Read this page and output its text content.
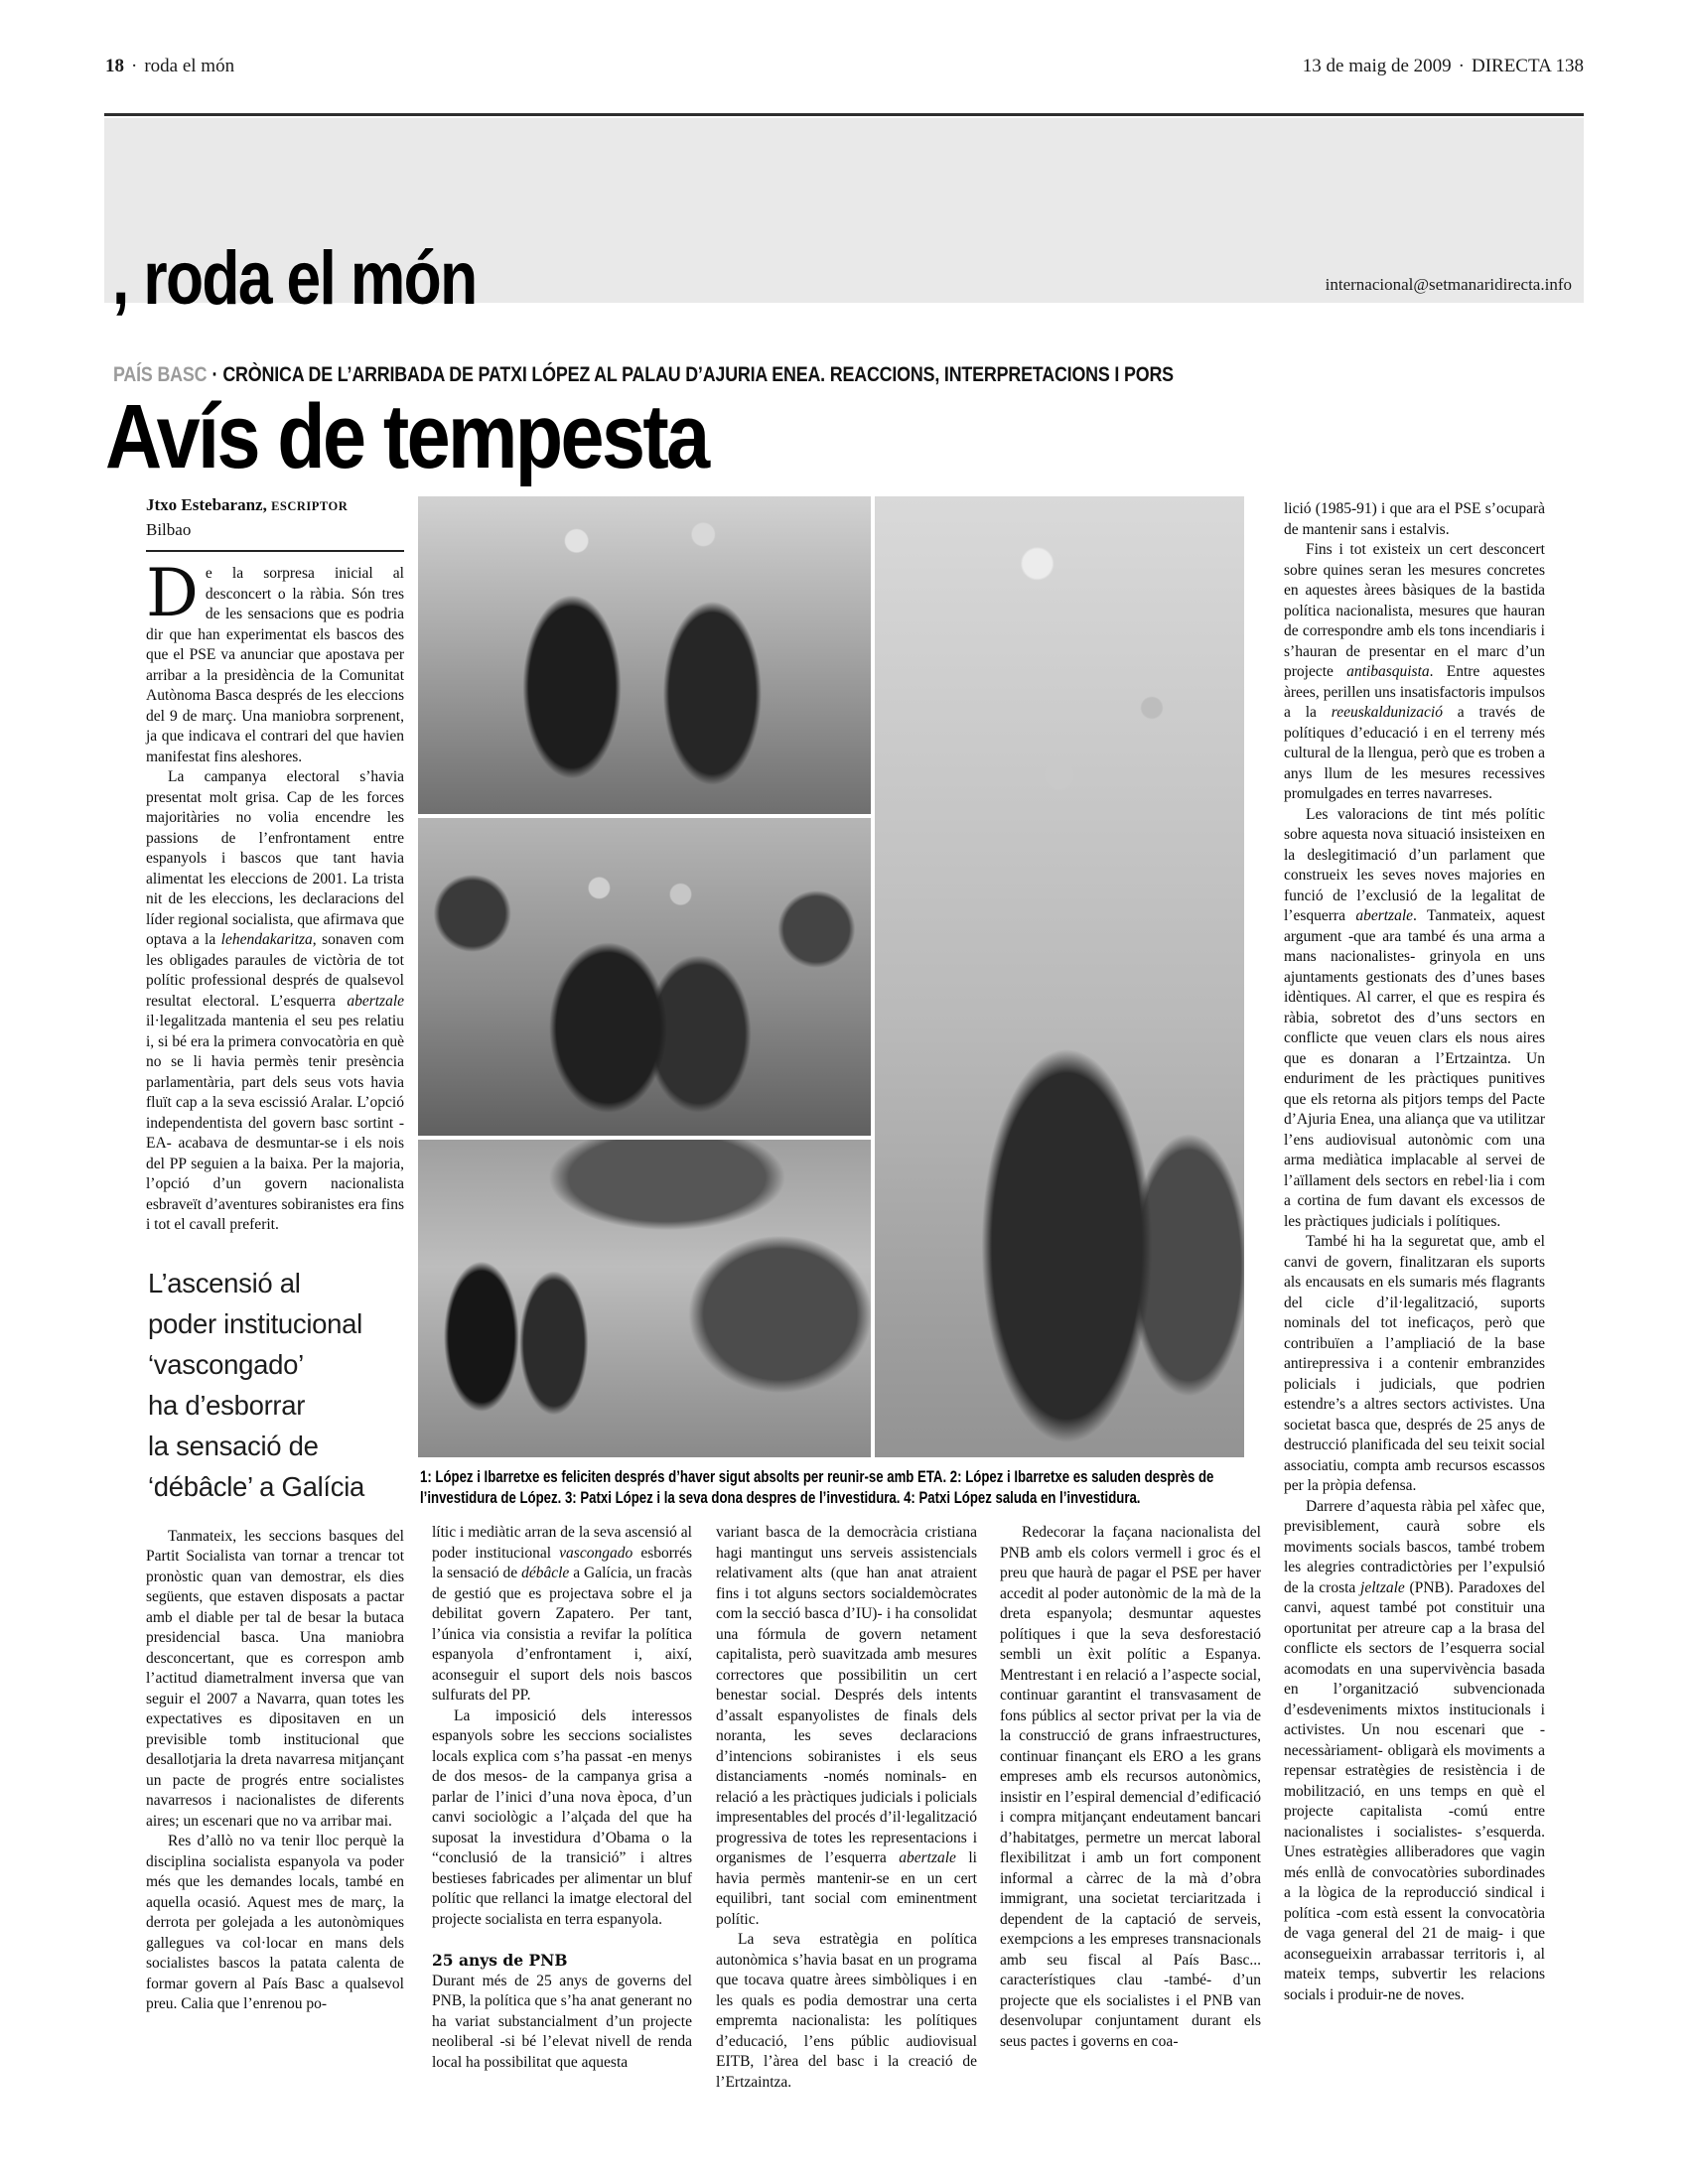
18 · roda el món	13 de maig de 2009 · DIRECTA 138
, roda el món	internacional@setmanaridirecta.info
PAÍS BASC · CRÒNICA DE L’ARRIBADA DE PATXI LÓPEZ AL PALAU D’AJURIA ENEA. REACCIONS, INTERPRETACIONS I PORS
Avís de tempesta
Jtxo Estebaranz, ESCRIPTOR
Bilbao

De la sorpresa inicial al desconcert o la ràbia. Són tres de les sensacions que es podria dir que han experimentat els bascos des que el PSE va anunciar que apostava per arribar a la presidència de la Comunitat Autònoma Basca després de les eleccions del 9 de març. Una maniobra sorprenent, ja que indicava el contrari del que havien manifestat fins aleshores.

La campanya electoral s’havia presentat molt grisa. Cap de les forces majoritàries no volia encendre les passions de l’enfrontament entre espanyols i bascos que tant havia alimentat les eleccions de 2001. La trista nit de les eleccions, les declaracions del líder regional socialista, que afirmava que optava a la lehendakaritza, sonaven com les obligades paraules de victòria de tot polític professional després de qualsevol resultat electoral. L’esquerra abertzale il·legalitzada mantenia el seu pes relatiu i, si bé era la primera convocatòria en què no se li havia permès tenir presència parlamentària, part dels seus vots havia fluït cap a la seva escissió Aralar. L’opció independentista del govern basc sortint -EA- acabava de desmuntar-se i els nois del PP seguien a la baixa. Per la majoria, l’opció d’un govern nacionalista esbraveït d’aventures sobiranistes era fins i tot el cavall preferit.

L’ascensió al
poder institucional
‘vascongado’
ha d’esborrar
la sensació de
‘débâcle’ a Galícia

Tanmateix, les seccions basques del Partit Socialista van tornar a trencar tot pronòstic quan van demostrar, els dies següents, que estaven disposats a pactar amb el diable per tal de besar la butaca presidencial basca. Una maniobra desconcertant, que es correspon amb l’actitud diametralment inversa que van seguir el 2007 a Navarra, quan totes les expectatives es dipositaven en un previsible tomb institucional que desallotjaria la dreta navarresa mitjançant un pacte de progrés entre socialistes navarresos i nacionalistes de diferents aires; un escenari que no va arribar mai.

Res d’allò no va tenir lloc perquè la disciplina socialista espanyola va poder més que les demandes locals, també en aquella ocasió. Aquest mes de març, la derrota per golejada a les autonòmiques gallegues va col·locar en mans dels socialistes bascos la patata calenta de formar govern al País Basc a qualsevol preu. Calia que l’enrenou po-

1: López i Ibarretxe es feliciten després d’haver sigut absolts per reunir-se amb ETA. 2: López i Ibarretxe es saluden desprès de l’investidura de López. 3: Patxi López i la seva dona despres de l’investidura. 4: Patxi López saluda en l’investidura.

lític i mediàtic arran de la seva ascensió al poder institucional vascongado esborrés la sensació de débâcle a Galícia, un fracàs de gestió que es projectava sobre el ja debilitat govern Zapatero. Per tant, l’única via consistia a revifar la política espanyola d’enfrontament i, així, aconseguir el suport dels nois bascos sulfurats del PP.

La imposició dels interessos espanyols sobre les seccions socialistes locals explica com s’ha passat -en menys de dos mesos- de la campanya grisa a parlar de l’inici d’una nova època, d’un canvi sociològic a l’alçada del que ha suposat la investidura d’Obama o la “conclusió de la transició” i altres bestieses fabricades per alimentar un bluf polític que rellanci la imatge electoral del projecte socialista en terra espanyola.

25 anys de PNB

Durant més de 25 anys de governs del PNB, la política que s’ha anat generant no ha variat substancialment d’un projecte neoliberal -si bé l’elevat nivell de renda local ha possibilitat que aquesta

variant basca de la democràcia cristiana hagi mantingut uns serveis assistencials relativament alts (que han anat atraient fins i tot alguns sectors socialdemòcrates com la secció basca d’IU)- i ha consolidat una fórmula de govern netament capitalista, però suavitzada amb mesures correctores que possibilitin un cert benestar social. Després dels intents d’assalt espanyolistes de finals dels noranta, les seves declaracions d’intencions sobiranistes i els seus distanciaments -només nominals- en relació a les pràctiques judicials i policials impresentables del procés d’il·legalització progressiva de totes les representacions i organismes de l’esquerra abertzale li havia permès mantenir-se en un cert equilibri, tant social com eminentment polític.

La seva estratègia en política autonòmica s’havia basat en un programa que tocava quatre àrees simbòliques i en les quals es podia demostrar una certa empremta nacionalista: les polítiques d’educació, l’ens públic audiovisual EITB, l’àrea del basc i la creació de l’Ertzaintza.

Redecorar la façana nacionalista del PNB amb els colors vermell i groc és el preu que haurà de pagar el PSE per haver accedit al poder autonòmic de la mà de la dreta espanyola; desmuntar aquestes polítiques i que la seva desforestació sembli un èxit polític a Espanya. Mentrestant i en relació a l’aspecte social, continuar garantint el transvasament de fons públics al sector privat per la via de la construcció de grans infraestructures, continuar finançant els ERO a les grans empreses amb els recursos autonòmics, insistir en l’espiral demencial d’edificació i compra mitjançant endeutament bancari d’habitatges, permetre un mercat laboral flexibilitzat i amb un fort component informal a càrrec de la mà d’obra immigrant, una societat terciaritzada i dependent de la captació de serveis, exempcions a les empreses transnacionals amb seu fiscal al País Basc... característiques clau -també- d’un projecte que els socialistes i el PNB van desenvolupar conjuntament durant els seus pactes i governs en coa-

lició (1985-91) i que ara el PSE s’ocuparà de mantenir sans i estalvis.

Fins i tot existeix un cert desconcert sobre quines seran les mesures concretes en aquestes àrees bàsiques de la bastida política nacionalista, mesures que hauran de correspondre amb els tons incendiaris i s’hauran de presentar en el marc d’un projecte antibasquista. Entre aquestes àrees, perillen uns insatisfactoris impulsos a la reeuskaldunizació a través de polítiques d’educació i en el terreny més cultural de la llengua, però que es troben a anys llum de les mesures recessives promulgades en terres navarreses.

Les valoracions de tint més polític sobre aquesta nova situació insisteixen en la deslegitimació d’un parlament que construeix les seves noves majories en funció de l’exclusió de la legalitat de l’esquerra abertzale. Tanmateix, aquest argument -que ara també és una arma a mans nacionalistes- grinyola en uns ajuntaments gestionats des d’unes bases idèntiques. Al carrer, el que es respira és ràbia, sobretot des d’uns sectors en conflicte que veuen clars els nous aires que es donaran a l’Ertzaintza. Un enduriment de les pràctiques punitives que els retorna als pitjors temps del Pacte d’Ajuria Enea, una aliança que va utilitzar l’ens audiovisual autonòmic com una arma mediàtica implacable al servei de l’aïllament dels sectors en rebel·lia i com a cortina de fum davant els excessos de les pràctiques judicials i polítiques.

També hi ha la seguretat que, amb el canvi de govern, finalitzaran els suports als encausats en els sumaris més flagrants del cicle d’il·legalització, suports nominals del tot ineficaços, però que contribuïen a l’ampliació de la base antirepressiva i a contenir embranzides policials i judicials, que podrien estendre’s a altres sectors activistes. Una societat basca que, després de 25 anys de destrucció planificada del seu teixit social associatiu, compta amb recursos escassos per la pròpia defensa.

Darrere d’aquesta ràbia pel xàfec que, previsiblement, caurà sobre els moviments socials bascos, també trobem les alegries contradictòries per l’expulsió de la crosta jeltzale (PNB). Paradoxes del canvi, aquest també pot constituir una oportunitat per atreure cap a la brasa del conflicte els sectors de l’esquerra social acomodats en una supervivència basada en l’organització subvencionada d’esdeveniments mixtos institucionals i activistes. Un nou escenari que -necessàriament- obligarà els moviments a repensar estratègies de resistència i de mobilització, en uns temps en què el projecte capitalista -comú entre nacionalistes i socialistes- s’esquerda. Unes estratègies alliberadores que vagin més enllà de convocatòries subordinades a la lògica de la reproducció sindical i política -com està essent la convocatòria de vaga general del 21 de maig- i que aconsegueixin arrabassar territoris i, al mateix temps, subvertir les relacions socials i produir-ne de noves.
